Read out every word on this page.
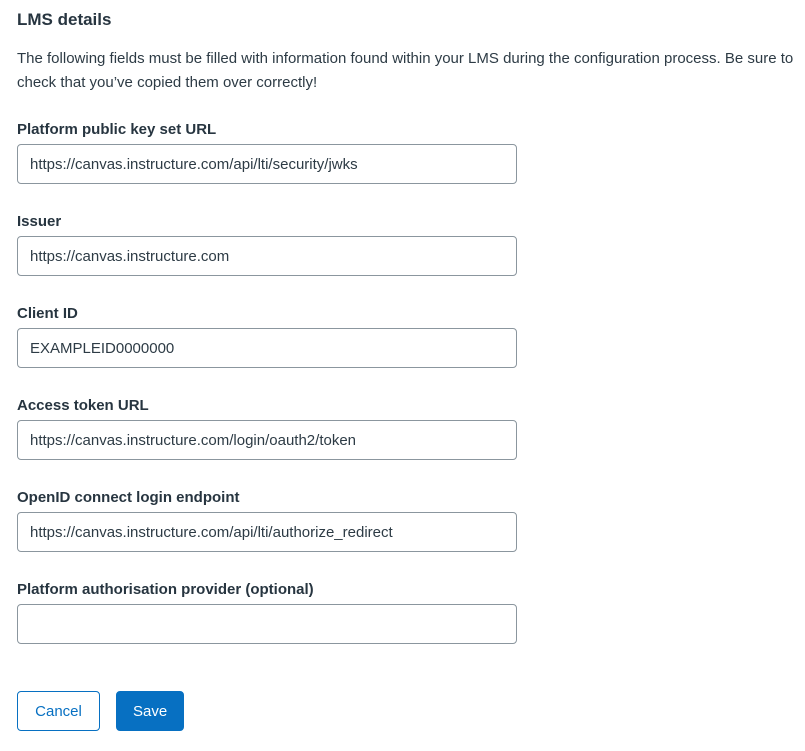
LMS details

The following fields must be filled with information found within your LMS during the configuration process. Be sure to check that you’ve copied them over correctly!

Platform public key set URL
https://canvas.instructure.com/api/lti/security/jwks
Issuer
https://canvas.instructure.com
Client ID
EXAMPLEID0000000
Access token URL
https://canvas.instructure.com/login/oauth2/token
OpenID connect login endpoint
https://canvas.instructure.com/api/lti/authorize_redirect
Platform authorisation provider (optional)
Cancel	Save
